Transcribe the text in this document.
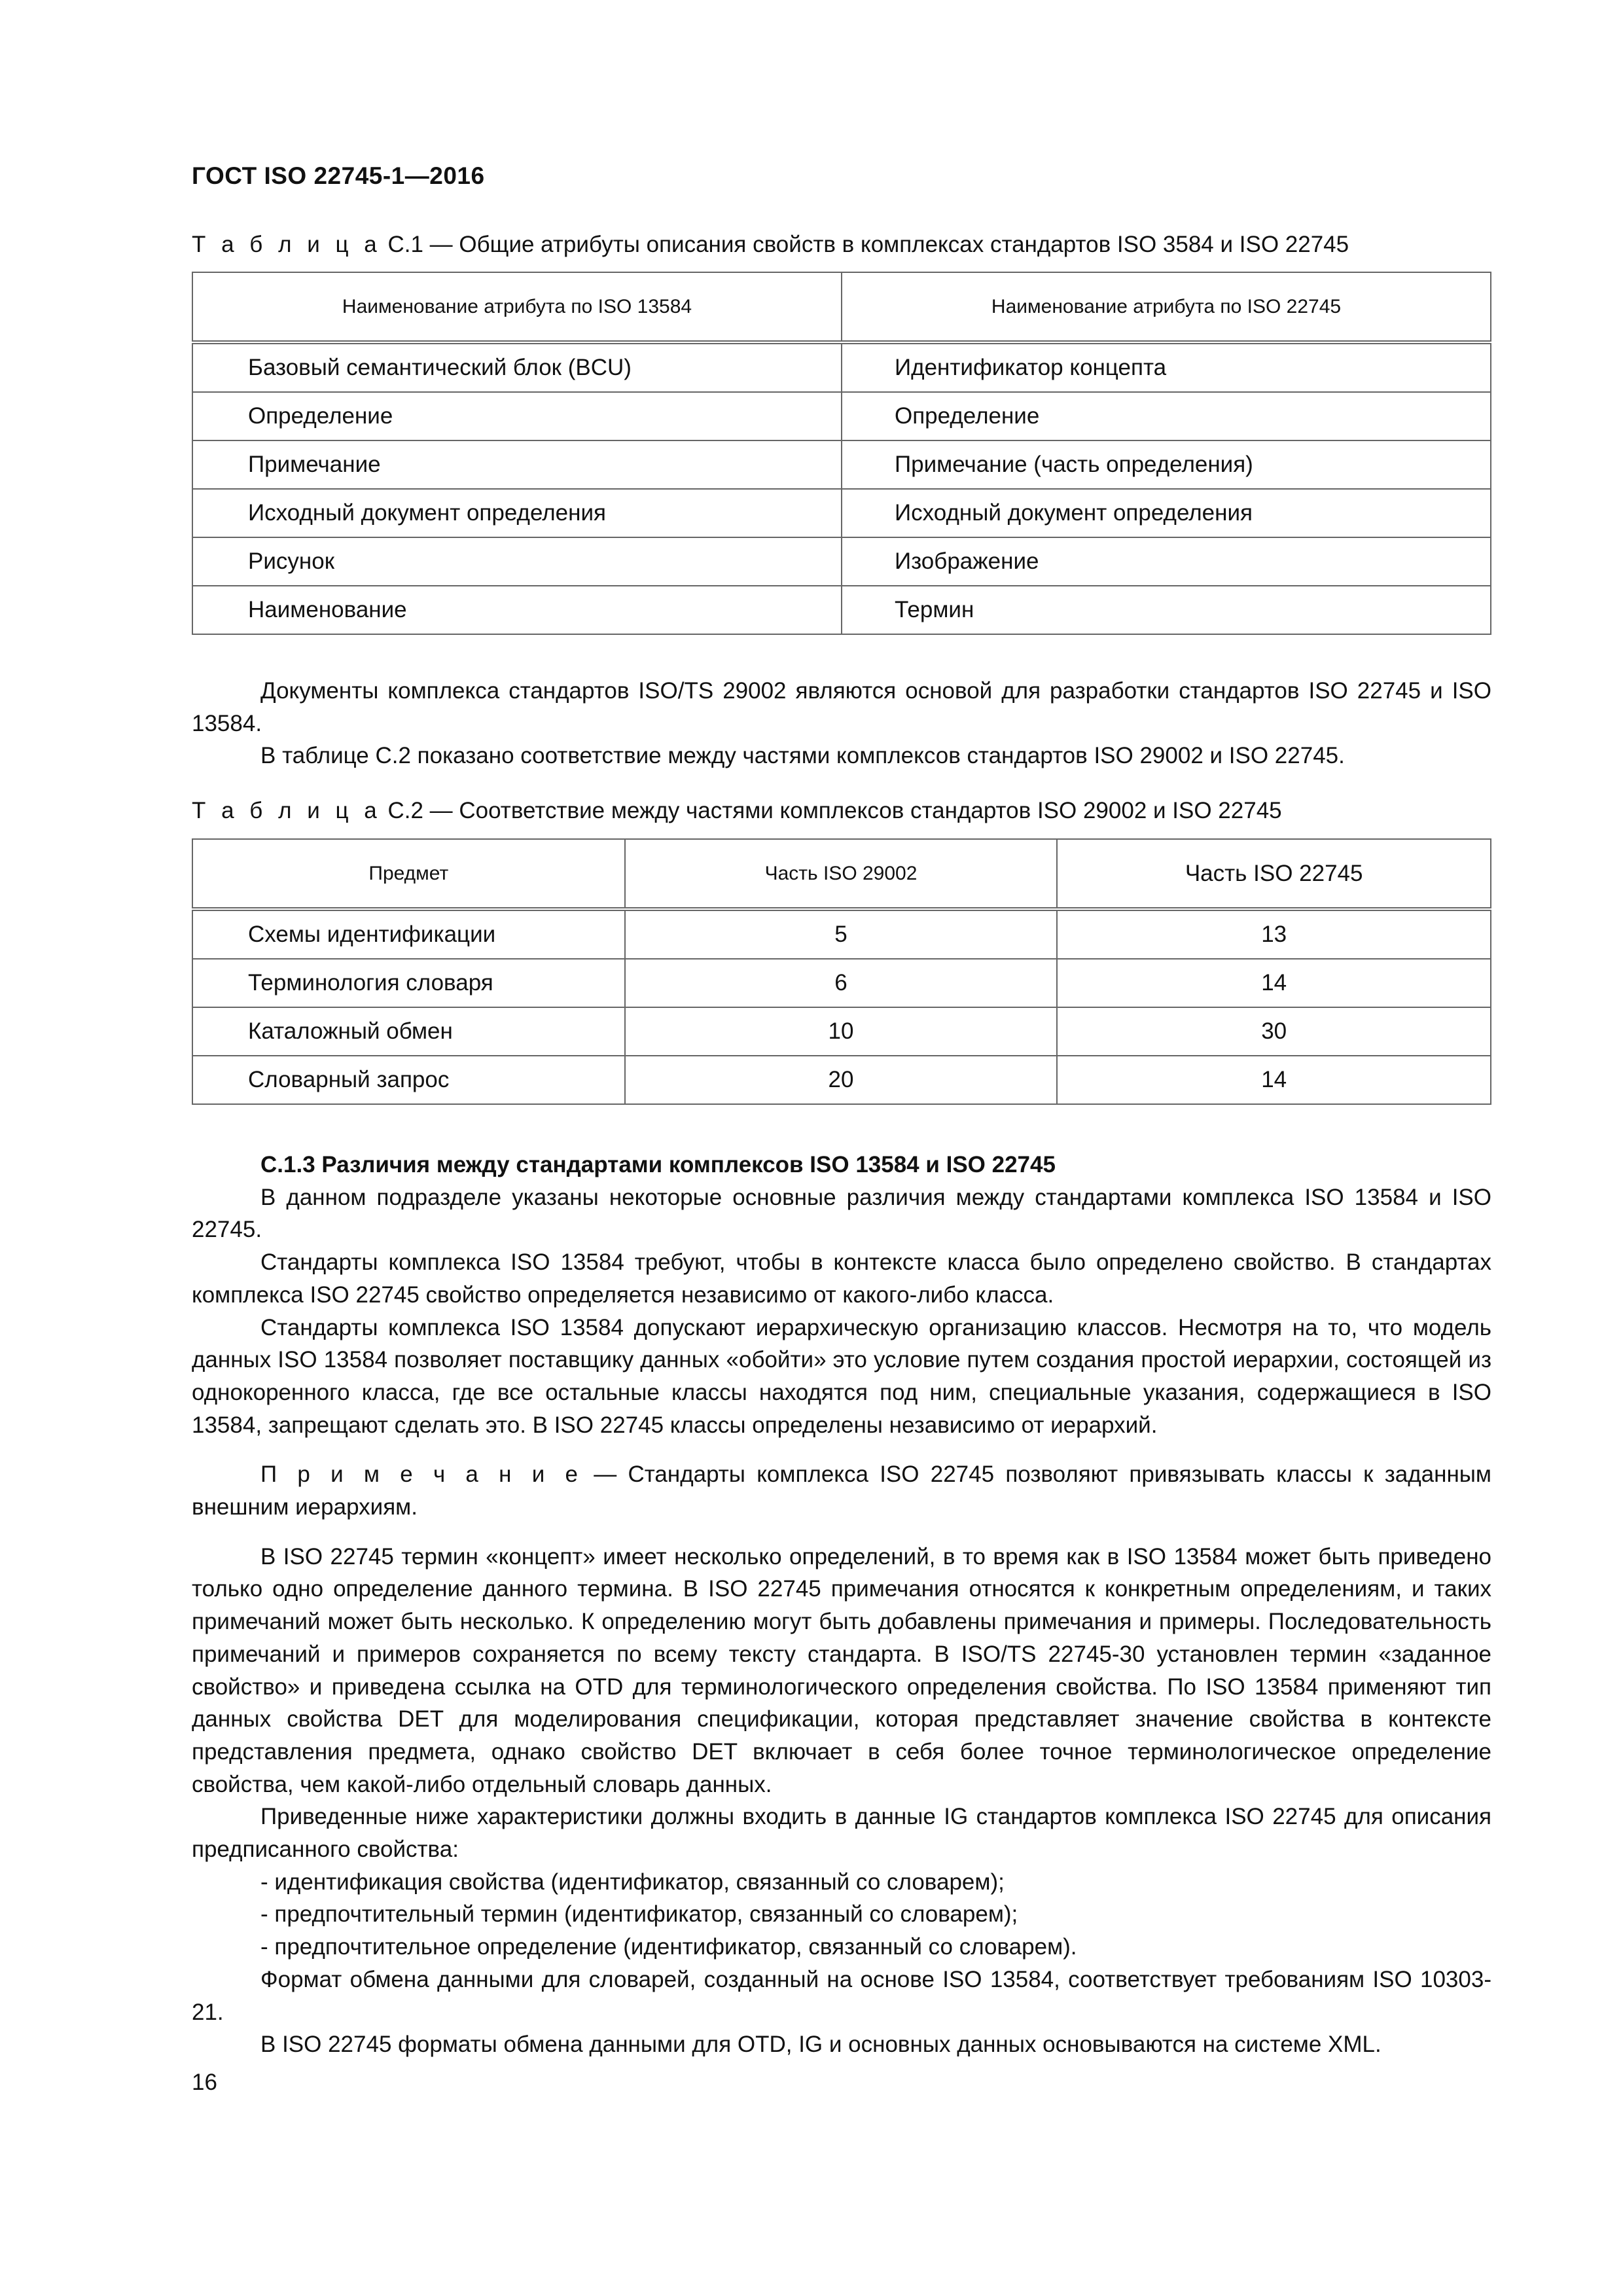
ГОСТ ISO 22745-1—2016
Т а б л и ц а С.1 — Общие атрибуты описания свойств в комплексах стандартов ISO 3584 и ISO 22745
Наименование атрибута по ISO 13584	Наименование атрибута по ISO 22745
Базовый семантический блок (BCU)	Идентификатор концепта
Определение	Определение
Примечание	Примечание (часть определения)
Исходный документ определения	Исходный документ определения
Рисунок	Изображение
Наименование	Термин

Документы комплекса стандартов ISO/TS 29002 являются основой для разработки стандартов ISO 22745 и ISO 13584.

В таблице С.2 показано соответствие между частями комплексов стандартов ISO 29002 и ISO 22745.

Т а б л и ц а С.2 — Соответствие между частями комплексов стандартов ISO 29002 и ISO 22745
Предмет	Часть ISO 29002	Часть ISO 22745
Схемы идентификации	5	13
Терминология словаря	6	14
Каталожный обмен	10	30
Словарный запрос	20	14

С.1.3 Различия между стандартами комплексов ISO 13584 и ISO 22745

В данном подразделе указаны некоторые основные различия между стандартами комплекса ISO 13584 и ISO 22745.

Стандарты комплекса ISO 13584 требуют, чтобы в контексте класса было определено свойство. В стандартах комплекса ISO 22745 свойство определяется независимо от какого-либо класса.

Стандарты комплекса ISO 13584 допускают иерархическую организацию классов. Несмотря на то, что модель данных ISO 13584 позволяет поставщику данных «обойти» это условие путем создания простой иерархии, состоящей из однокоренного класса, где все остальные классы находятся под ним, специальные указания, содержащиеся в ISO 13584, запрещают сделать это. В ISO 22745 классы определены независимо от иерархий.

П р и м е ч а н и е — Стандарты комплекса ISO 22745 позволяют привязывать классы к заданным внешним иерархиям.

В ISO 22745 термин «концепт» имеет несколько определений, в то время как в ISO 13584 может быть приведено только одно определение данного термина. В ISO 22745 примечания относятся к конкретным определениям, и таких примечаний может быть несколько. К определению могут быть добавлены примечания и примеры. Последовательность примечаний и примеров сохраняется по всему тексту стандарта. В ISO/TS 22745-30 установлен термин «заданное свойство» и приведена ссылка на OTD для терминологического определения свойства. По ISO 13584 применяют тип данных свойства DET для моделирования спецификации, которая представляет значение свойства в контексте представления предмета, однако свойство DET включает в себя более точное терминологическое определение свойства, чем какой-либо отдельный словарь данных.

Приведенные ниже характеристики должны входить в данные IG стандартов комплекса ISO 22745 для описания предписанного свойства:

- идентификация свойства (идентификатор, связанный со словарем);

- предпочтительный термин (идентификатор, связанный со словарем);

- предпочтительное определение (идентификатор, связанный со словарем).

Формат обмена данными для словарей, созданный на основе ISO 13584, соответствует требованиям ISO 10303-21.

В ISO 22745 форматы обмена данными для OTD, IG и основных данных основываются на системе XML.

16
